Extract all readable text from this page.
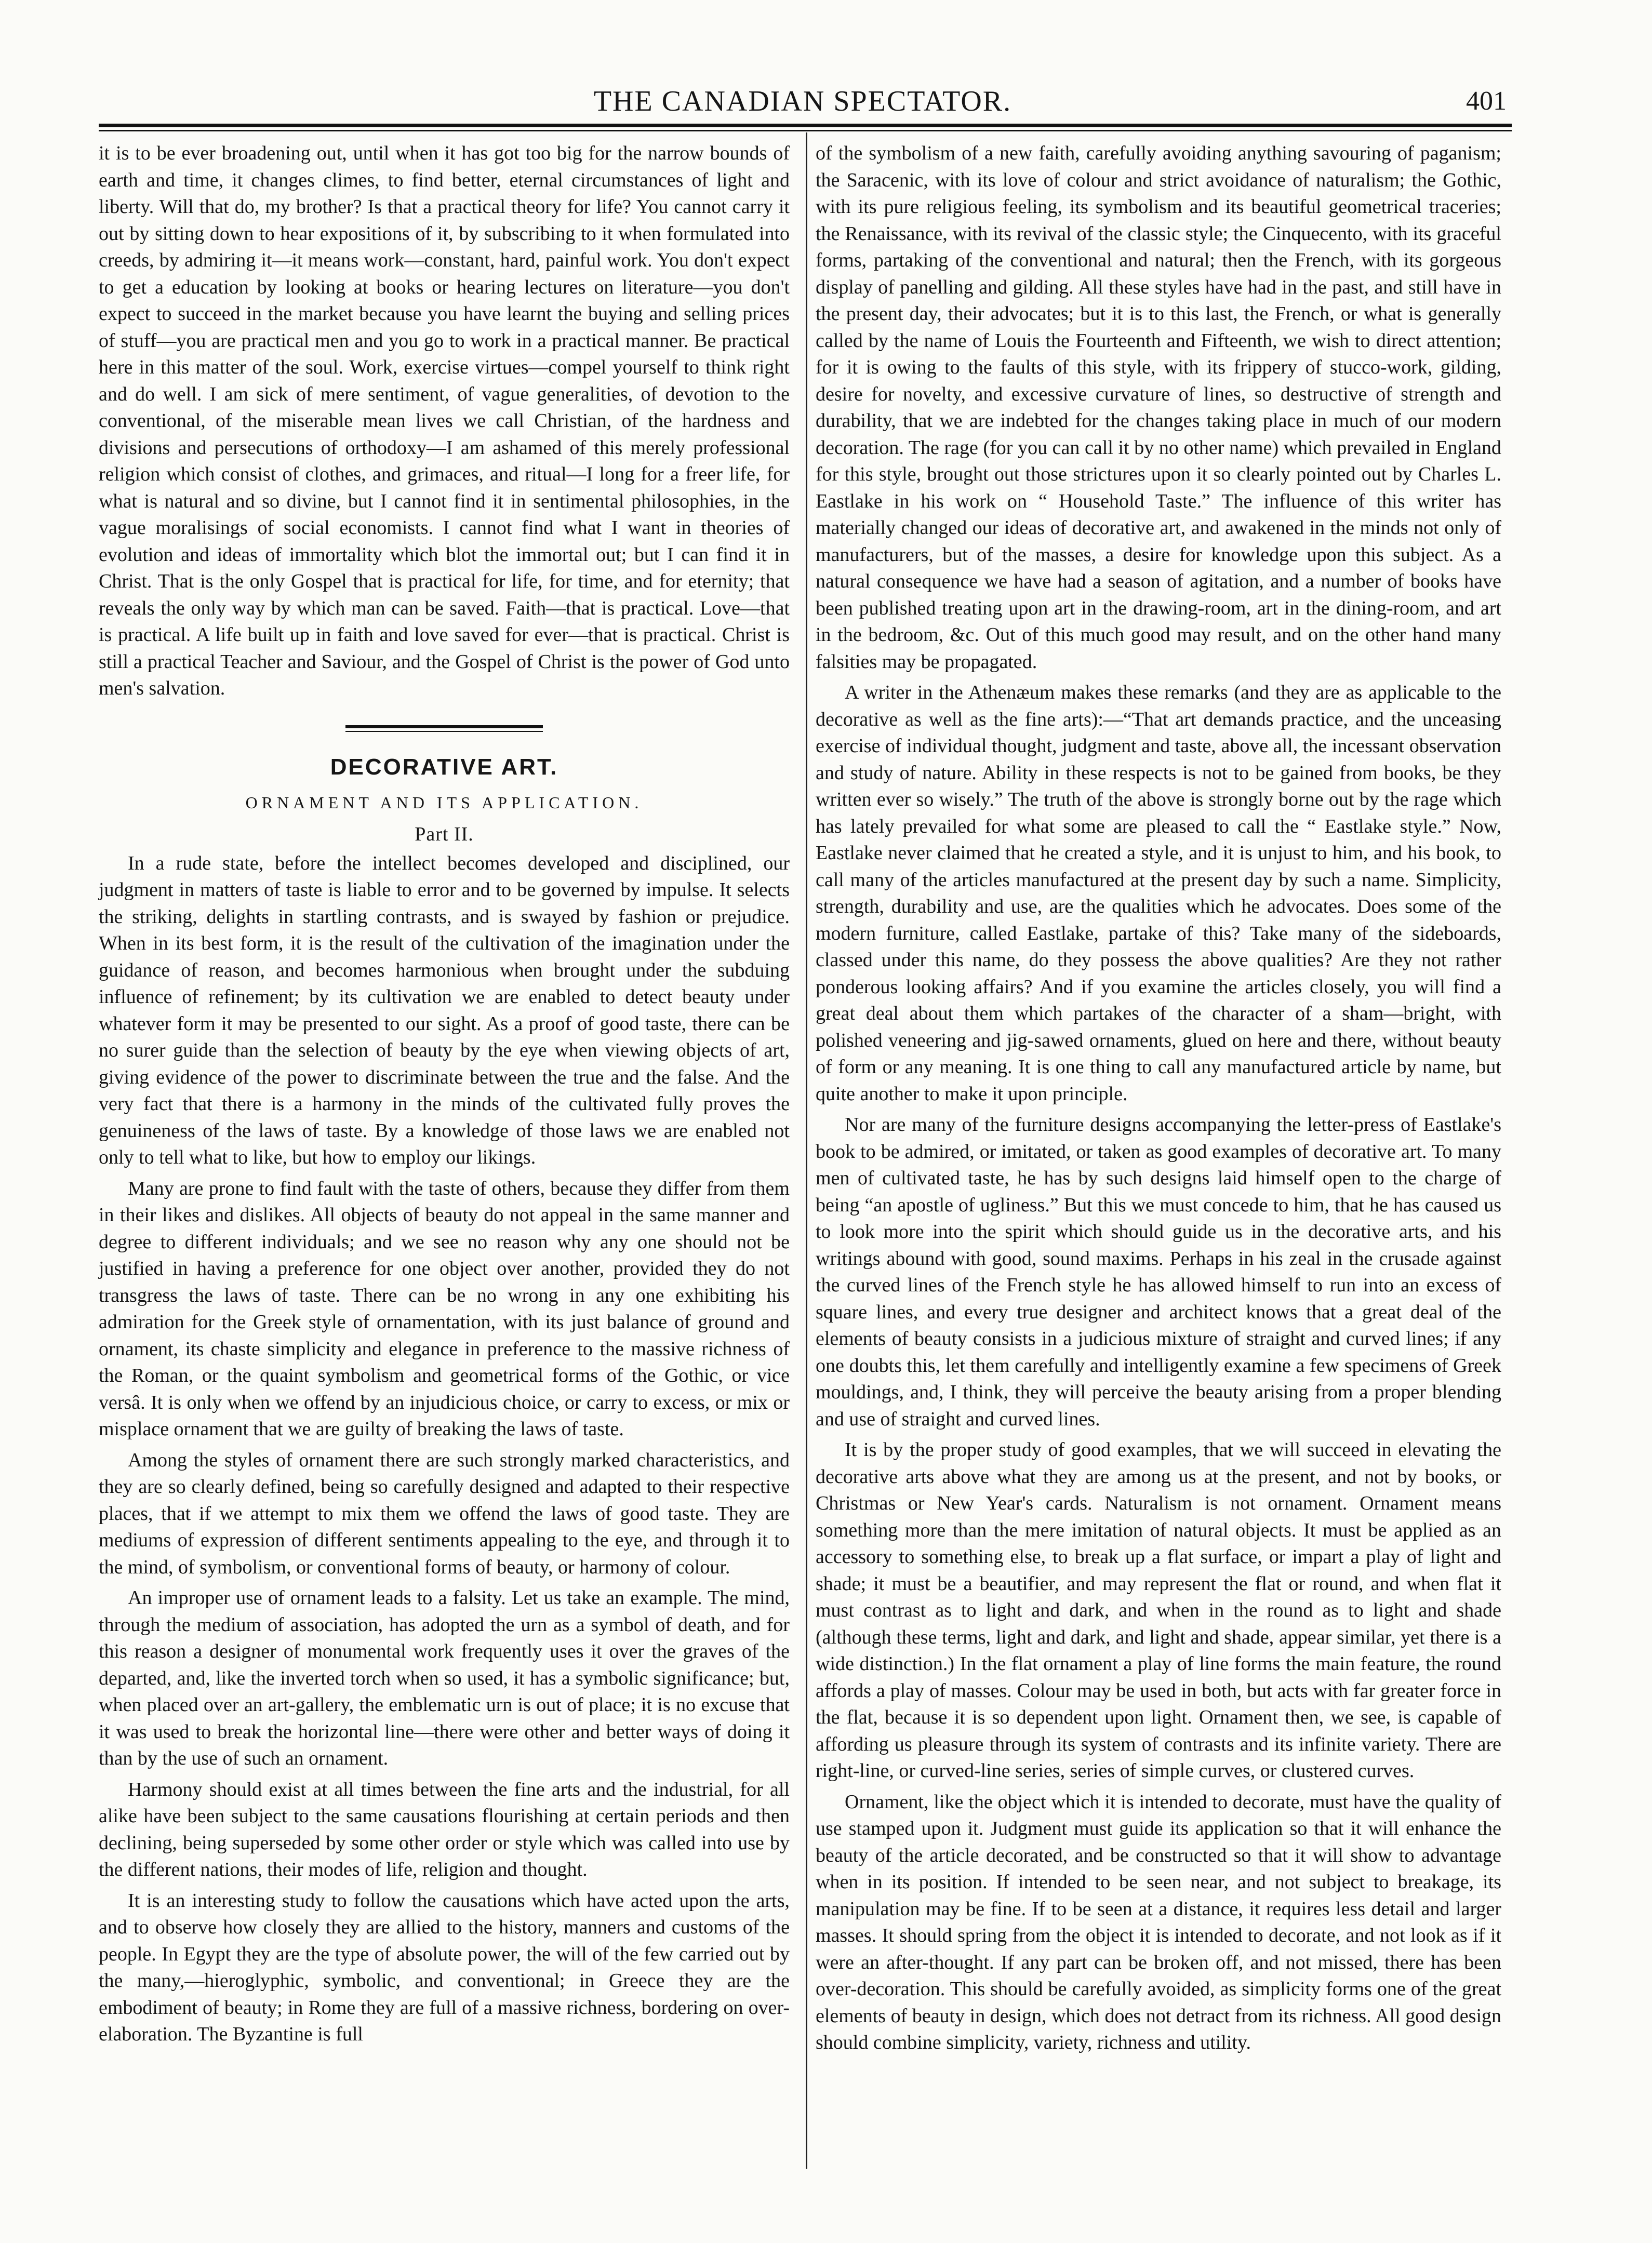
THE CANADIAN SPECTATOR.	401

it is to be ever broadening out, until when it has got too big for the narrow bounds of earth and time, it changes climes, to find better, eternal circumstances of light and liberty. Will that do, my brother? Is that a practical theory for life? You cannot carry it out by sitting down to hear expositions of it, by subscribing to it when formulated into creeds, by admiring it—it means work—constant, hard, painful work. You don't expect to get a education by looking at books or hearing lectures on literature—you don't expect to succeed in the market because you have learnt the buying and selling prices of stuff—you are practical men and you go to work in a practical manner. Be practical here in this matter of the soul. Work, exercise virtues—compel yourself to think right and do well. I am sick of mere sentiment, of vague generalities, of devotion to the conventional, of the miserable mean lives we call Christian, of the hardness and divisions and persecutions of orthodoxy—I am ashamed of this merely professional religion which consist of clothes, and grimaces, and ritual—I long for a freer life, for what is natural and so divine, but I cannot find it in sentimental philosophies, in the vague moralisings of social economists. I cannot find what I want in theories of evolution and ideas of immortality which blot the immortal out; but I can find it in Christ. That is the only Gospel that is practical for life, for time, and for eternity; that reveals the only way by which man can be saved. Faith—that is practical. Love—that is practical. A life built up in faith and love saved for ever—that is practical. Christ is still a practical Teacher and Saviour, and the Gospel of Christ is the power of God unto men's salvation.

DECORATIVE ART.
ORNAMENT AND ITS APPLICATION.
Part II.

In a rude state, before the intellect becomes developed and disciplined, our judgment in matters of taste is liable to error and to be governed by impulse. It selects the striking, delights in startling contrasts, and is swayed by fashion or prejudice. When in its best form, it is the result of the cultivation of the imagination under the guidance of reason, and becomes harmonious when brought under the subduing influence of refinement; by its cultivation we are enabled to detect beauty under whatever form it may be presented to our sight. As a proof of good taste, there can be no surer guide than the selection of beauty by the eye when viewing objects of art, giving evidence of the power to discriminate between the true and the false. And the very fact that there is a harmony in the minds of the cultivated fully proves the genuineness of the laws of taste. By a knowledge of those laws we are enabled not only to tell what to like, but how to employ our likings.

Many are prone to find fault with the taste of others, because they differ from them in their likes and dislikes. All objects of beauty do not appeal in the same manner and degree to different individuals; and we see no reason why any one should not be justified in having a preference for one object over another, provided they do not transgress the laws of taste. There can be no wrong in any one exhibiting his admiration for the Greek style of ornamentation, with its just balance of ground and ornament, its chaste simplicity and elegance in preference to the massive richness of the Roman, or the quaint symbolism and geometrical forms of the Gothic, or vice versâ. It is only when we offend by an injudicious choice, or carry to excess, or mix or misplace ornament that we are guilty of breaking the laws of taste.

Among the styles of ornament there are such strongly marked characteristics, and they are so clearly defined, being so carefully designed and adapted to their respective places, that if we attempt to mix them we offend the laws of good taste. They are mediums of expression of different sentiments appealing to the eye, and through it to the mind, of symbolism, or conventional forms of beauty, or harmony of colour.

An improper use of ornament leads to a falsity. Let us take an example. The mind, through the medium of association, has adopted the urn as a symbol of death, and for this reason a designer of monumental work frequently uses it over the graves of the departed, and, like the inverted torch when so used, it has a symbolic significance; but, when placed over an art-gallery, the emblematic urn is out of place; it is no excuse that it was used to break the horizontal line—there were other and better ways of doing it than by the use of such an ornament.

Harmony should exist at all times between the fine arts and the industrial, for all alike have been subject to the same causations flourishing at certain periods and then declining, being superseded by some other order or style which was called into use by the different nations, their modes of life, religion and thought.

It is an interesting study to follow the causations which have acted upon the arts, and to observe how closely they are allied to the history, manners and customs of the people. In Egypt they are the type of absolute power, the will of the few carried out by the many,—hieroglyphic, symbolic, and conventional; in Greece they are the embodiment of beauty; in Rome they are full of a massive richness, bordering on over-elaboration. The Byzantine is full

of the symbolism of a new faith, carefully avoiding anything savouring of paganism; the Saracenic, with its love of colour and strict avoidance of naturalism; the Gothic, with its pure religious feeling, its symbolism and its beautiful geometrical traceries; the Renaissance, with its revival of the classic style; the Cinquecento, with its graceful forms, partaking of the conventional and natural; then the French, with its gorgeous display of panelling and gilding. All these styles have had in the past, and still have in the present day, their advocates; but it is to this last, the French, or what is generally called by the name of Louis the Fourteenth and Fifteenth, we wish to direct attention; for it is owing to the faults of this style, with its frippery of stucco-work, gilding, desire for novelty, and excessive curvature of lines, so destructive of strength and durability, that we are indebted for the changes taking place in much of our modern decoration. The rage (for you can call it by no other name) which prevailed in England for this style, brought out those strictures upon it so clearly pointed out by Charles L. Eastlake in his work on “ Household Taste.” The influence of this writer has materially changed our ideas of decorative art, and awakened in the minds not only of manufacturers, but of the masses, a desire for knowledge upon this subject. As a natural consequence we have had a season of agitation, and a number of books have been published treating upon art in the drawing-room, art in the dining-room, and art in the bedroom, &c. Out of this much good may result, and on the other hand many falsities may be propagated.

A writer in the Athenæum makes these remarks (and they are as applicable to the decorative as well as the fine arts):—“That art demands practice, and the unceasing exercise of individual thought, judgment and taste, above all, the incessant observation and study of nature. Ability in these respects is not to be gained from books, be they written ever so wisely.” The truth of the above is strongly borne out by the rage which has lately prevailed for what some are pleased to call the “ Eastlake style.” Now, Eastlake never claimed that he created a style, and it is unjust to him, and his book, to call many of the articles manufactured at the present day by such a name. Simplicity, strength, durability and use, are the qualities which he advocates. Does some of the modern furniture, called Eastlake, partake of this? Take many of the sideboards, classed under this name, do they possess the above qualities? Are they not rather ponderous looking affairs? And if you examine the articles closely, you will find a great deal about them which partakes of the character of a sham—bright, with polished veneering and jig-sawed ornaments, glued on here and there, without beauty of form or any meaning. It is one thing to call any manufactured article by name, but quite another to make it upon principle.

Nor are many of the furniture designs accompanying the letter-press of Eastlake's book to be admired, or imitated, or taken as good examples of decorative art. To many men of cultivated taste, he has by such designs laid himself open to the charge of being “an apostle of ugliness.” But this we must concede to him, that he has caused us to look more into the spirit which should guide us in the decorative arts, and his writings abound with good, sound maxims. Perhaps in his zeal in the crusade against the curved lines of the French style he has allowed himself to run into an excess of square lines, and every true designer and architect knows that a great deal of the elements of beauty consists in a judicious mixture of straight and curved lines; if any one doubts this, let them carefully and intelligently examine a few specimens of Greek mouldings, and, I think, they will perceive the beauty arising from a proper blending and use of straight and curved lines.

It is by the proper study of good examples, that we will succeed in elevating the decorative arts above what they are among us at the present, and not by books, or Christmas or New Year's cards. Naturalism is not ornament. Ornament means something more than the mere imitation of natural objects. It must be applied as an accessory to something else, to break up a flat surface, or impart a play of light and shade; it must be a beautifier, and may represent the flat or round, and when flat it must contrast as to light and dark, and when in the round as to light and shade (although these terms, light and dark, and light and shade, appear similar, yet there is a wide distinction.) In the flat ornament a play of line forms the main feature, the round affords a play of masses. Colour may be used in both, but acts with far greater force in the flat, because it is so dependent upon light. Ornament then, we see, is capable of affording us pleasure through its system of contrasts and its infinite variety. There are right-line, or curved-line series, series of simple curves, or clustered curves.

Ornament, like the object which it is intended to decorate, must have the quality of use stamped upon it. Judgment must guide its application so that it will enhance the beauty of the article decorated, and be constructed so that it will show to advantage when in its position. If intended to be seen near, and not subject to breakage, its manipulation may be fine. If to be seen at a distance, it requires less detail and larger masses. It should spring from the object it is intended to decorate, and not look as if it were an after-thought. If any part can be broken off, and not missed, there has been over-decoration. This should be carefully avoided, as simplicity forms one of the great elements of beauty in design, which does not detract from its richness. All good design should combine simplicity, variety, richness and utility.
